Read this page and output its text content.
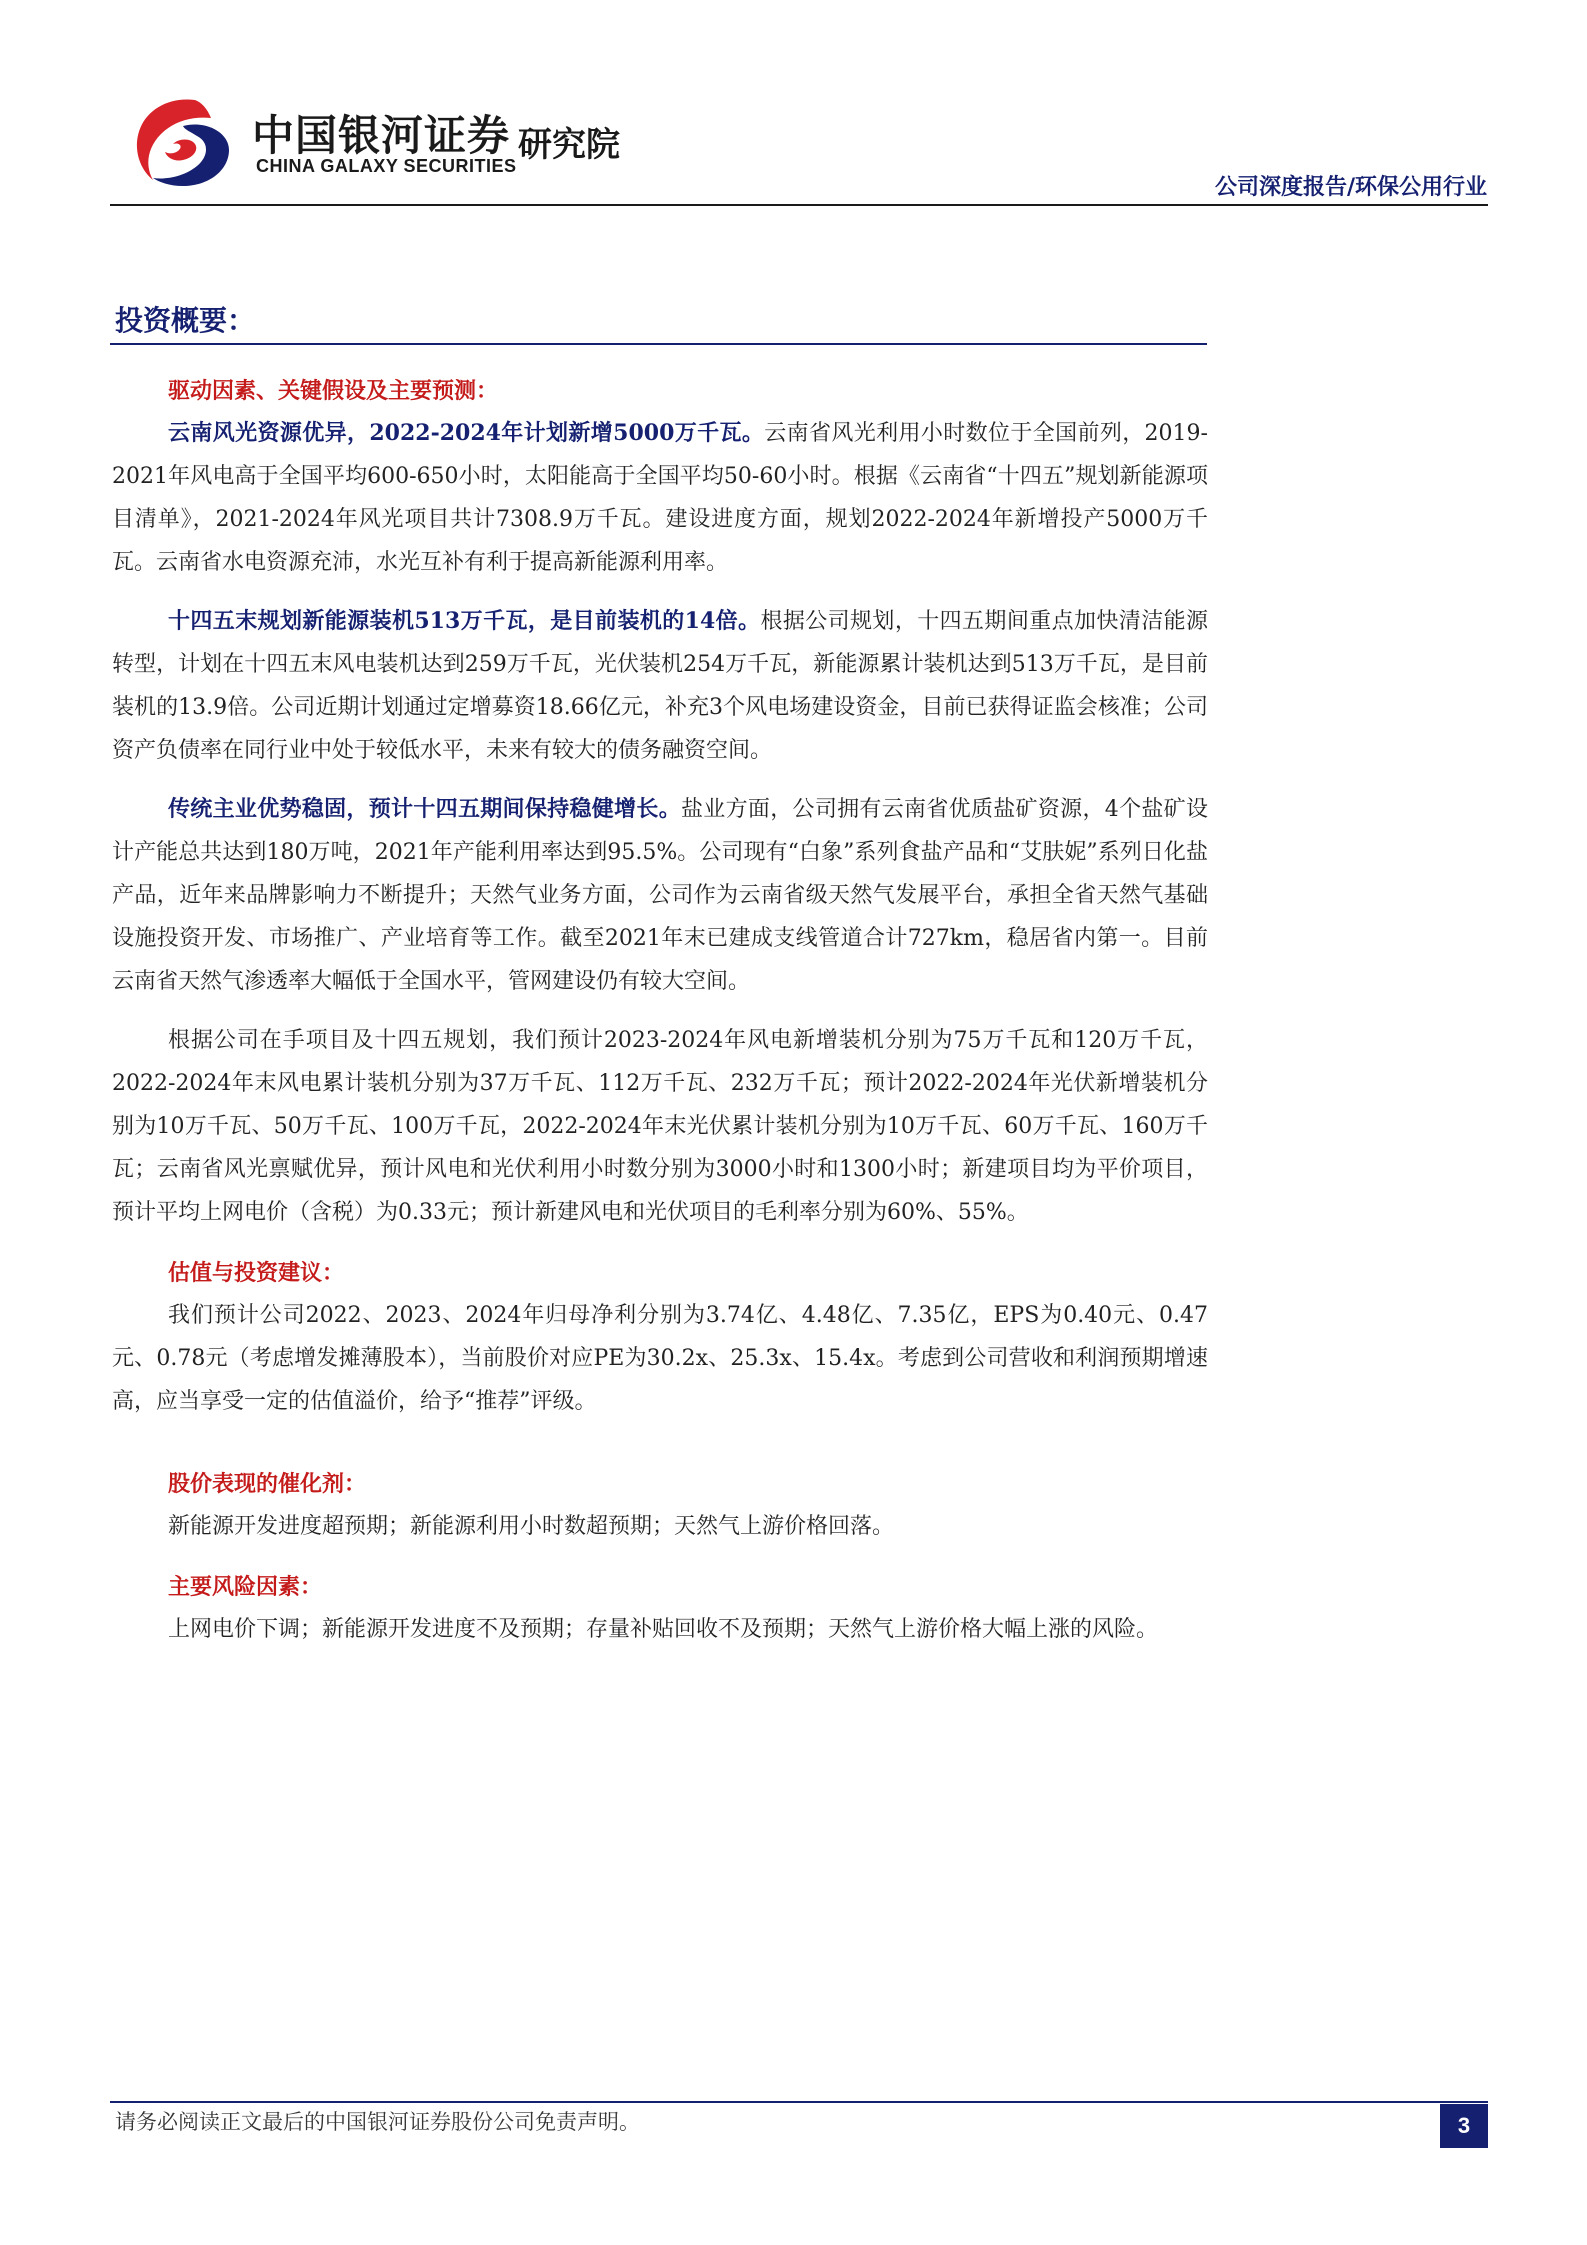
中国银河证券
CHINA GALAXY SECURITIES
研究院
公司深度报告/环保公用行业
投资概要：
驱动因素、关键假设及主要预测：

云南风光资源优异，2022-2024年计划新增5000万千瓦。云南省风光利用小时数位于全国前列，2019-2021年风电高于全国平均600-650小时，太阳能高于全国平均50-60小时。根据《云南省“十四五”规划新能源项目清单》，2021-2024年风光项目共计7308.9万千瓦。建设进度方面，规划2022-2024年新增投产5000万千瓦。云南省水电资源充沛，水光互补有利于提高新能源利用率。

十四五末规划新能源装机513万千瓦，是目前装机的14倍。根据公司规划，十四五期间重点加快清洁能源转型，计划在十四五末风电装机达到259万千瓦，光伏装机254万千瓦，新能源累计装机达到513万千瓦，是目前装机的13.9倍。公司近期计划通过定增募资18.66亿元，补充3个风电场建设资金，目前已获得证监会核准；公司资产负债率在同行业中处于较低水平，未来有较大的债务融资空间。

传统主业优势稳固，预计十四五期间保持稳健增长。盐业方面，公司拥有云南省优质盐矿资源，4个盐矿设计产能总共达到180万吨，2021年产能利用率达到95.5%。公司现有“白象”系列食盐产品和“艾肤妮”系列日化盐产品，近年来品牌影响力不断提升；天然气业务方面，公司作为云南省级天然气发展平台，承担全省天然气基础设施投资开发、市场推广、产业培育等工作。截至2021年末已建成支线管道合计727km，稳居省内第一。目前云南省天然气渗透率大幅低于全国水平，管网建设仍有较大空间。

根据公司在手项目及十四五规划，我们预计2023-2024年风电新增装机分别为75万千瓦和120万千瓦，2022-2024年末风电累计装机分别为37万千瓦、112万千瓦、232万千瓦；预计2022-2024年光伏新增装机分别为10万千瓦、50万千瓦、100万千瓦，2022-2024年末光伏累计装机分别为10万千瓦、60万千瓦、160万千瓦；云南省风光禀赋优异，预计风电和光伏利用小时数分别为3000小时和1300小时；新建项目均为平价项目，预计平均上网电价（含税）为0.33元；预计新建风电和光伏项目的毛利率分别为60%、55%。

估值与投资建议：

我们预计公司2022、2023、2024年归母净利分别为3.74亿、4.48亿、7.35亿，EPS为0.40元、0.47元、0.78元（考虑增发摊薄股本），当前股价对应PE为30.2x、25.3x、15.4x。考虑到公司营收和利润预期增速高，应当享受一定的估值溢价，给予“推荐”评级。

股价表现的催化剂：

新能源开发进度超预期；新能源利用小时数超预期；天然气上游价格回落。

主要风险因素：

上网电价下调；新能源开发进度不及预期；存量补贴回收不及预期；天然气上游价格大幅上涨的风险。

请务必阅读正文最后的中国银河证券股份公司免责声明。	3
